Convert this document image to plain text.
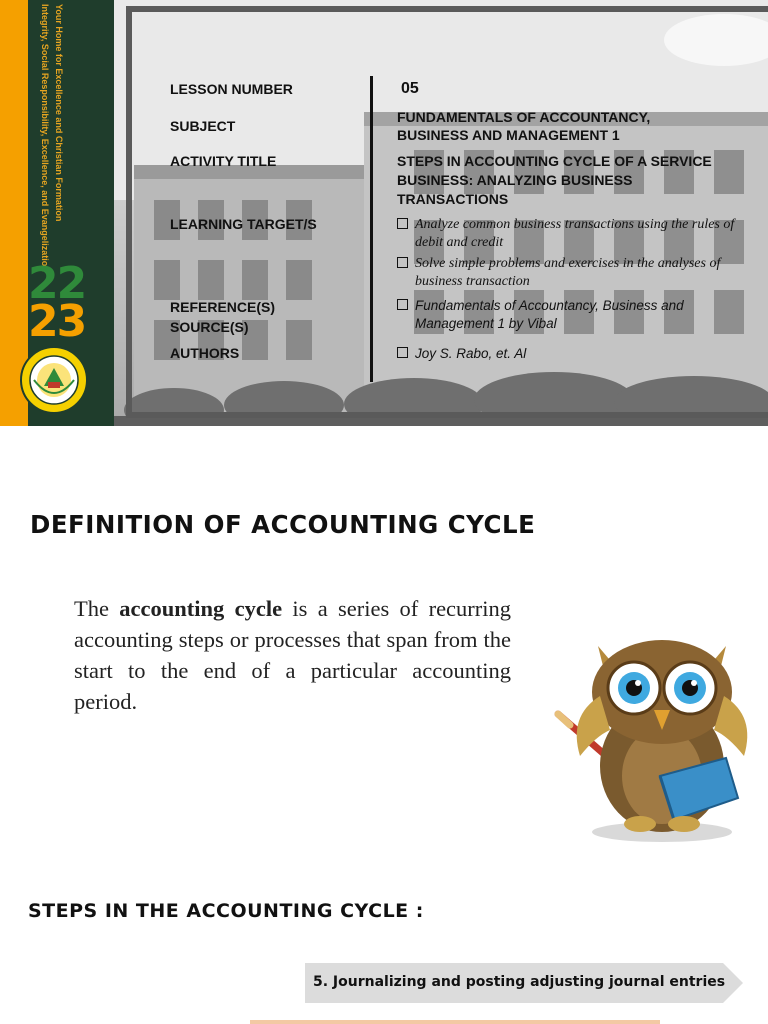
Your Home for Excellence and Christian Formation
Integrity, Social Responsibility, Excellence, and Evangelization
22
23
LESSON NUMBER
SUBJECT
ACTIVITY TITLE
LEARNING TARGET/S
REFERENCE(S)
SOURCE(S)
AUTHORS
05
FUNDAMENTALS OF ACCOUNTANCY,
BUSINESS AND MANAGEMENT 1
STEPS IN ACCOUNTING CYCLE OF A SERVICE
BUSINESS: ANALYZING BUSINESS
TRANSACTIONS
Analyze common business transactions using the rules of debit and credit
Solve simple problems and exercises in the analyses of business transaction
Fundamentals of Accountancy, Business and Management 1 by Vibal
Joy S. Rabo, et. Al
DEFINITION OF ACCOUNTING CYCLE
The accounting cycle is a series of recurring accounting steps or processes that span from the start to the end of a particular accounting period.
STEPS IN THE ACCOUNTING CYCLE :
5. Journalizing and posting adjusting journal entries
